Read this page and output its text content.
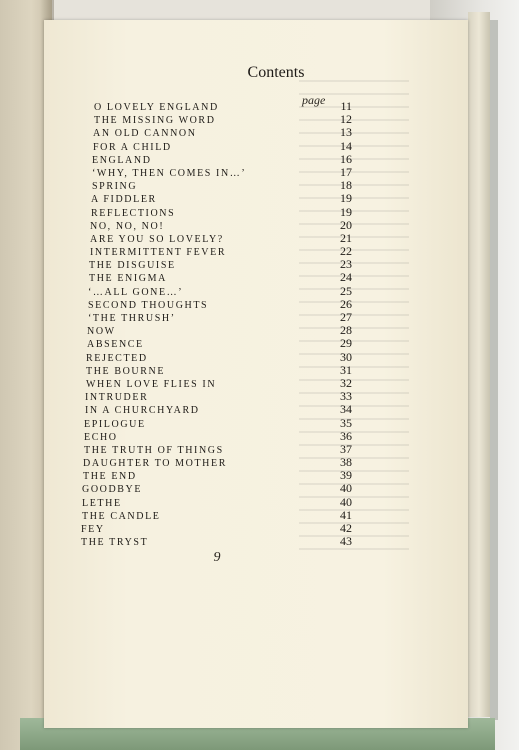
Contents
page
O LOVELY ENGLAND	11
THE MISSING WORD	12
AN OLD CANNON	13
FOR A CHILD	14
ENGLAND	16
‘WHY, THEN COMES IN…’	17
SPRING	18
A FIDDLER	19
REFLECTIONS	19
NO, NO, NO!	20
ARE YOU SO LOVELY?	21
INTERMITTENT FEVER	22
THE DISGUISE	23
THE ENIGMA	24
‘…ALL GONE…’	25
SECOND THOUGHTS	26
‘THE THRUSH’	27
NOW	28
ABSENCE	29
REJECTED	30
THE BOURNE	31
WHEN LOVE FLIES IN	32
INTRUDER	33
IN A CHURCHYARD	34
EPILOGUE	35
ECHO	36
THE TRUTH OF THINGS	37
DAUGHTER TO MOTHER	38
THE END	39
GOODBYE	40
LETHE	40
THE CANDLE	41
FEY	42
THE TRYST	43
9
